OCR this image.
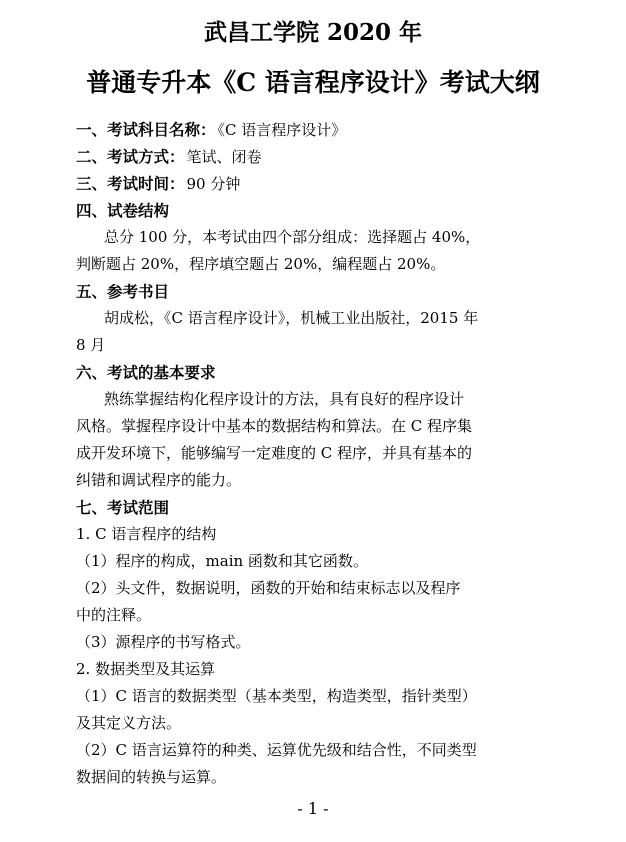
武昌工学院 2020 年
普通专升本《C 语言程序设计》考试大纲
一、考试科目名称： 《C 语言程序设计》
二、考试方式： 笔试、闭卷
三、考试时间： 90 分钟
四、试卷结构
总分 100 分，本考试由四个部分组成：选择题占 40%，
判断题占 20%，程序填空题占 20%，编程题占 20%。
五、参考书目
胡成松，《C 语言程序设计》，机械工业出版社，2015 年
8 月
六、考试的基本要求
熟练掌握结构化程序设计的方法，具有良好的程序设计
风格。掌握程序设计中基本的数据结构和算法。在 C 程序集
成开发环境下，能够编写一定难度的 C 程序，并具有基本的
纠错和调试程序的能力。
七、考试范围
1. C 语言程序的结构
（1）程序的构成，main 函数和其它函数。
（2）头文件，数据说明，函数的开始和结束标志以及程序
中的注释。
（3）源程序的书写格式。
2. 数据类型及其运算
（1）C 语言的数据类型（基本类型，构造类型，指针类型）
及其定义方法。
（2）C 语言运算符的种类、运算优先级和结合性，不同类型
数据间的转换与运算。
- 1 -
